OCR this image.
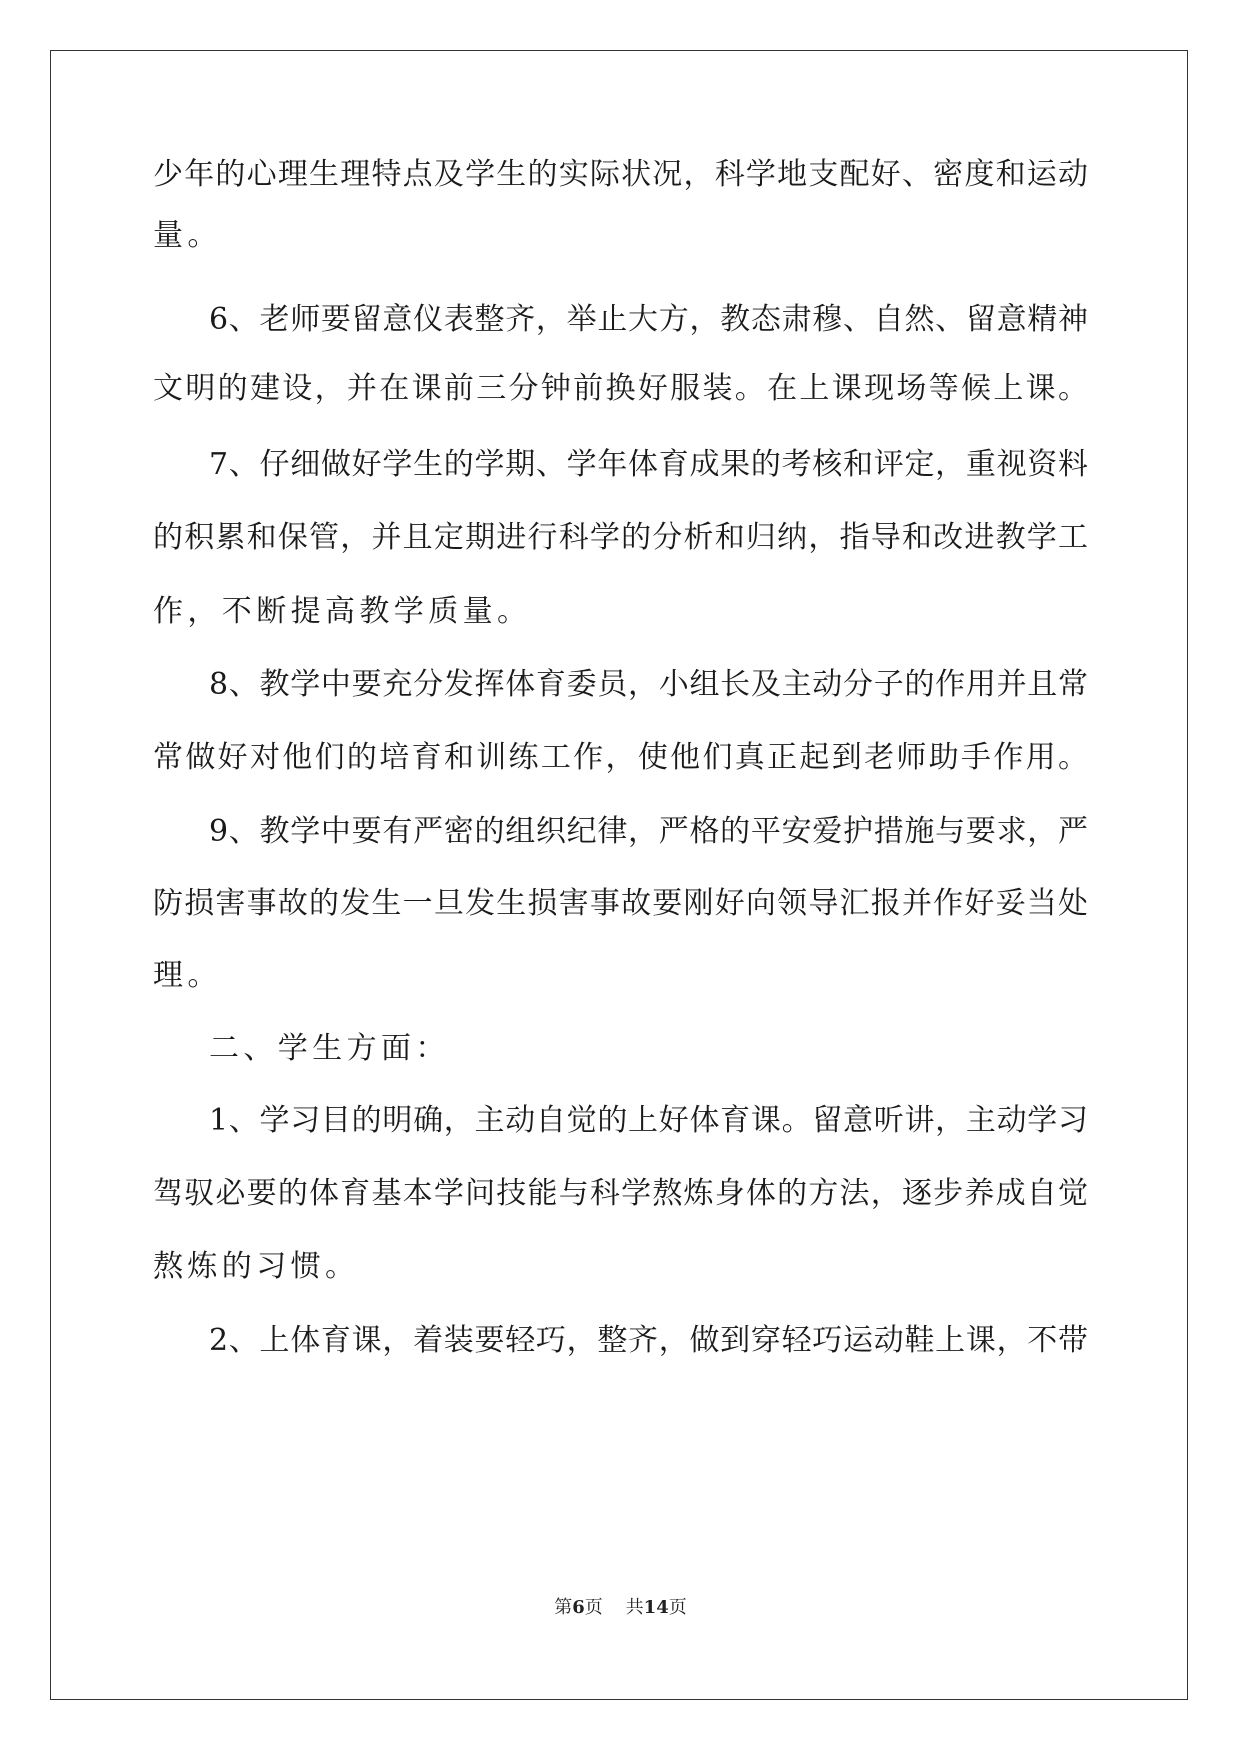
少年的心理生理特点及学生的实际状况，科学地支配好、密度和运动
量。
6、老师要留意仪表整齐，举止大方，教态肃穆、自然、留意精神
文明的建设，并在课前三分钟前换好服装。在上课现场等候上课。
7、仔细做好学生的学期、学年体育成果的考核和评定，重视资料
的积累和保管，并且定期进行科学的分析和归纳，指导和改进教学工
作，不断提高教学质量。
8、教学中要充分发挥体育委员，小组长及主动分子的作用并且常
常做好对他们的培育和训练工作，使他们真正起到老师助手作用。
9、教学中要有严密的组织纪律，严格的平安爱护措施与要求，严
防损害事故的发生一旦发生损害事故要刚好向领导汇报并作好妥当处
理。
二、学生方面：
1、学习目的明确，主动自觉的上好体育课。留意听讲，主动学习
驾驭必要的体育基本学问技能与科学熬炼身体的方法，逐步养成自觉
熬炼的习惯。
2、上体育课，着装要轻巧，整齐，做到穿轻巧运动鞋上课，不带
第6页 共14页
